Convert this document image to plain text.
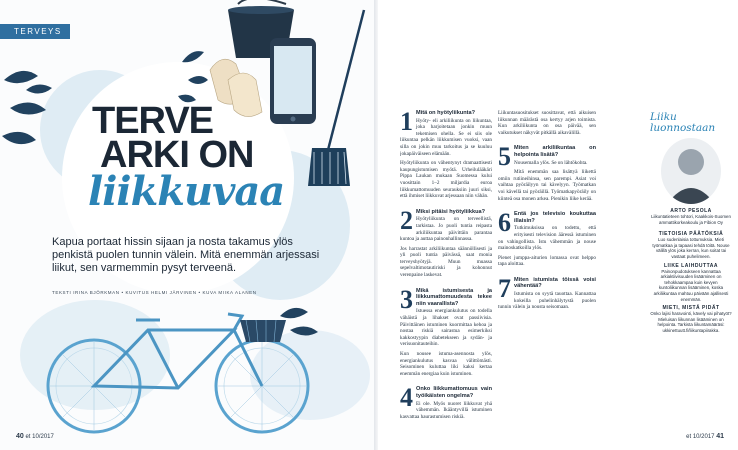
TERVEYS
TERVE
ARKI ON
liikkuvaa
Kapua portaat hissin sijaan ja nosta takamus ylös penkistä puolen tunnin välein. Mitä enemmän arjessasi liikut, sen varmemmin pysyt terveenä.
TEKSTI IRINA BJÖRKMAN • KUVITUS HELMI JÄRVINEN • KUVA MIIKA ALANEN
40 et 10/2017
1 Mitä on hyötyliikunta?

Hyöty- eli arkiliikunta on liikuntaa, joka harjoitetaan jonkin muun tekemisen ohella. Se ei siis ole liikuntaa pelkän liikkumisen vuoksi, vaan silla on jokin muu tarkoitus ja se kuuluu jokapäiväiseen elämään.

Hyötyliikunta on vähentynyt dramaattisesti kaupungistumisen myötä. Urheilulääkäri Pippa Laukan mukaan Suomessa kului vuosittain 1–2 miljardia euroa liikkumattomuuden seurauksiin juuri siksi, että ihmiset liikkuvat arjessaan niin vähän.

2 Miksi pitäisi hyötyliikkua?

Hyötyliikunta on terveellistä, tarkistaa. Jo puoli tuntia reipasta arkiliikuntaa päivittäin parantaa kuntoa ja auttaa painonhallinnassa.

Jos harrastat arkiliikuntaa säännöllisesti ja yli puoli tuntia päivässä, saat monia terveyshyötyjä. Muun muassa sepelvaltimotautiriski ja kohonnut verenpaine laskevat.

3 Mikä istumisesta ja liikkumattomuudesta tekee niin vaarallista?

Istuessa energiankulutus on todella vähäistä ja lihakset ovat passiivisia. Päivittäinen istuminen kuormittaa kehoa ja nostaa riskiä sairastua esimerkiksi kakkostyypin diabetekseen ja sydän- ja verisuonitauteihin.

Kun nousee istuma-asennosta ylös, energiankulutus kasvaa välittömästi. Seisominen kuluttaa liki kaksi kertaa enemmän energiaa kuin istuminen.

4 Onko liikkumattomuus vain työikäisten ongelma?

Ei ole. Myös nuoret liikkuvat yhä vähemmän. Ikääntyvillä istuminen kasvattaa haurastumisen riskiä.

Liikuntasuositukset suosittavat, että aikuisen liikunnan määrästä osa kertyy arjen toimista. Kun arkiliikunta on osa päivää, sen vaikutukset näkyvät pitkällä aikavälillä.

5 Miten arkiliikuntaa on helpointa lisätä?

Nousemalla ylös. Se on lähtökohta.

Mitä enemmän saa lisättyä liikettä omiin rutiineihinsa, sen parempi. Asiat voi vaihtaa pyöräilyyn tai kävelyyn. Työmatkan voi kävellä tai pyöräillä. Työmatkapyöräily on kiinteä osa monen arkea. Pienikin liike kerää.

6 Entä jos televisio koukuttaa illaisin?

Tutkimuksissa on todettu, että erityisesti television ääressä istuminen on vahingollista. Istu vähemmän ja nouse mainoskatkoilla ylös.

Pienet jumppa-aiturien lomassa ovat helppo tapa aloittaa.

7 Miten istumista töissä voisi vähentää?

Istumista on syytä tauottaa. Kannattaa kokeilla puhelinhälytystä puolen tunnin välein ja nousta seisomaan.

Liiku luonnostaan
ARTO PESOLA
Liikuntatieteen tohtori, Kaakkois-Suomen ammattikorkeakoulu ja Fibion Oy
TIETOISIA PÄÄTÖKSIÄ
Luo sudenlaisia tottumuksia. Mieti työmatkaa ja tapaasi tehdä töitä. Nouse välillä ylös joka kerran, kun soitat tai vastaat puhelimeen.
LIIKE LAIHDUTTAA
Painonpudotukseen kannattaa arkiaktiivisuuden lisääminen on tehokkaampaa kuin kevyen kuntoliikunnan lisääminen, koska arkiliikuntaa mahtuu päivään ajallisesti enemmän.
MIETI, MISTÄ PIDÄT
Onko lajisi haravointi, kävely vai pihatyöt? Mieluisan liikunnan lisääminen on helpointa. Tarkista liikuntamääräsi: ukkinettuutt.fi/liikuntapiirakka.
et 10/2017 41
